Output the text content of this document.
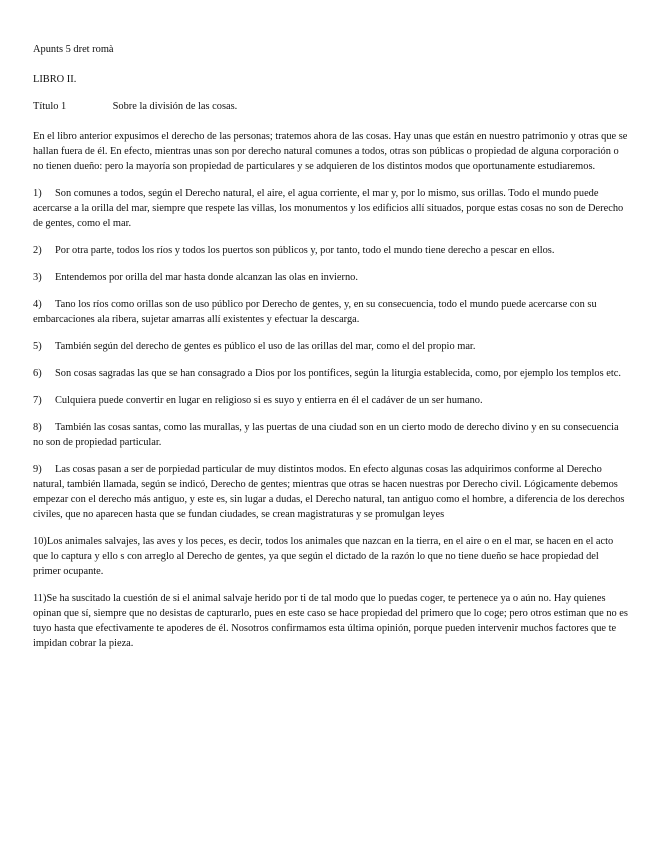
Apunts 5 dret romà
LIBRO II.
Título 1	Sobre la división de las cosas.

En el libro anterior expusimos el derecho de las personas; tratemos ahora de las cosas. Hay unas que están en nuestro patrimonio y otras que se hallan fuera de él. En efecto, mientras unas son por derecho natural comunes a todos, otras son públicas o propiedad de alguna corporación o no tienen dueño: pero la mayoría son propiedad de particulares y se adquieren de los distintos modos que oportunamente estudiaremos.

1) Son comunes a todos, según el Derecho natural, el aire, el agua corriente, el mar y, por lo mismo, sus orillas. Todo el mundo puede acercarse a la orilla del mar, siempre que respete las villas, los monumentos y los edificios allí situados, porque estas cosas no son de Derecho de gentes, como el mar.

2) Por otra parte, todos los ríos y todos los puertos son públicos y, por tanto, todo el mundo tiene derecho a pescar en ellos.

3) Entendemos por orilla del mar hasta donde alcanzan las olas en invierno.

4) Tano los ríos como orillas son de uso público por Derecho de gentes, y, en su consecuencia, todo el mundo puede acercarse con su embarcaciones ala ribera, sujetar amarras allí existentes y efectuar la descarga.

5) También según del derecho de gentes es público el uso de las orillas del mar, como el del propio mar.

6) Son cosas sagradas las que se han consagrado a Dios por los pontífices, según la liturgia establecida, como, por ejemplo los templos etc.

7) Culquiera puede convertir en lugar en religioso si es suyo y entierra en él el cadáver de un ser humano.

8) También las cosas santas, como las murallas, y las puertas de una ciudad son en un cierto modo de derecho divino y en su consecuencia no son de propiedad particular.

9) Las cosas pasan a ser de porpiedad particular de muy distintos modos. En efecto algunas cosas las adquirimos conforme al Derecho natural, también llamada, según se indicó, Derecho de gentes; mientras que otras se hacen nuestras por Derecho civil. Lógicamente debemos empezar con el derecho más antiguo, y este es, sin lugar a dudas, el Derecho natural, tan antiguo como el hombre, a diferencia de los derechos civiles, que no aparecen hasta que se fundan ciudades, se crean magistraturas y se promulgan leyes

10)Los animales salvajes, las aves y los peces, es decir, todos los animales que nazcan en la tierra, en el aire o en el mar, se hacen en el acto que lo captura y ello s con arreglo al Derecho de gentes, ya que según el dictado de la razón lo que no tiene dueño se hace propiedad del primer ocupante.

11)Se ha suscitado la cuestión de si el animal salvaje herido por ti de tal modo que lo puedas coger, te pertenece ya o aún no. Hay quienes opinan que sí, siempre que no desistas de capturarlo, pues en este caso se hace propiedad del primero que lo coge; pero otros estiman que no es tuyo hasta que efectivamente te apoderes de él. Nosotros confirmamos esta última opinión, porque pueden intervenir muchos factores que te impidan cobrar la pieza.
